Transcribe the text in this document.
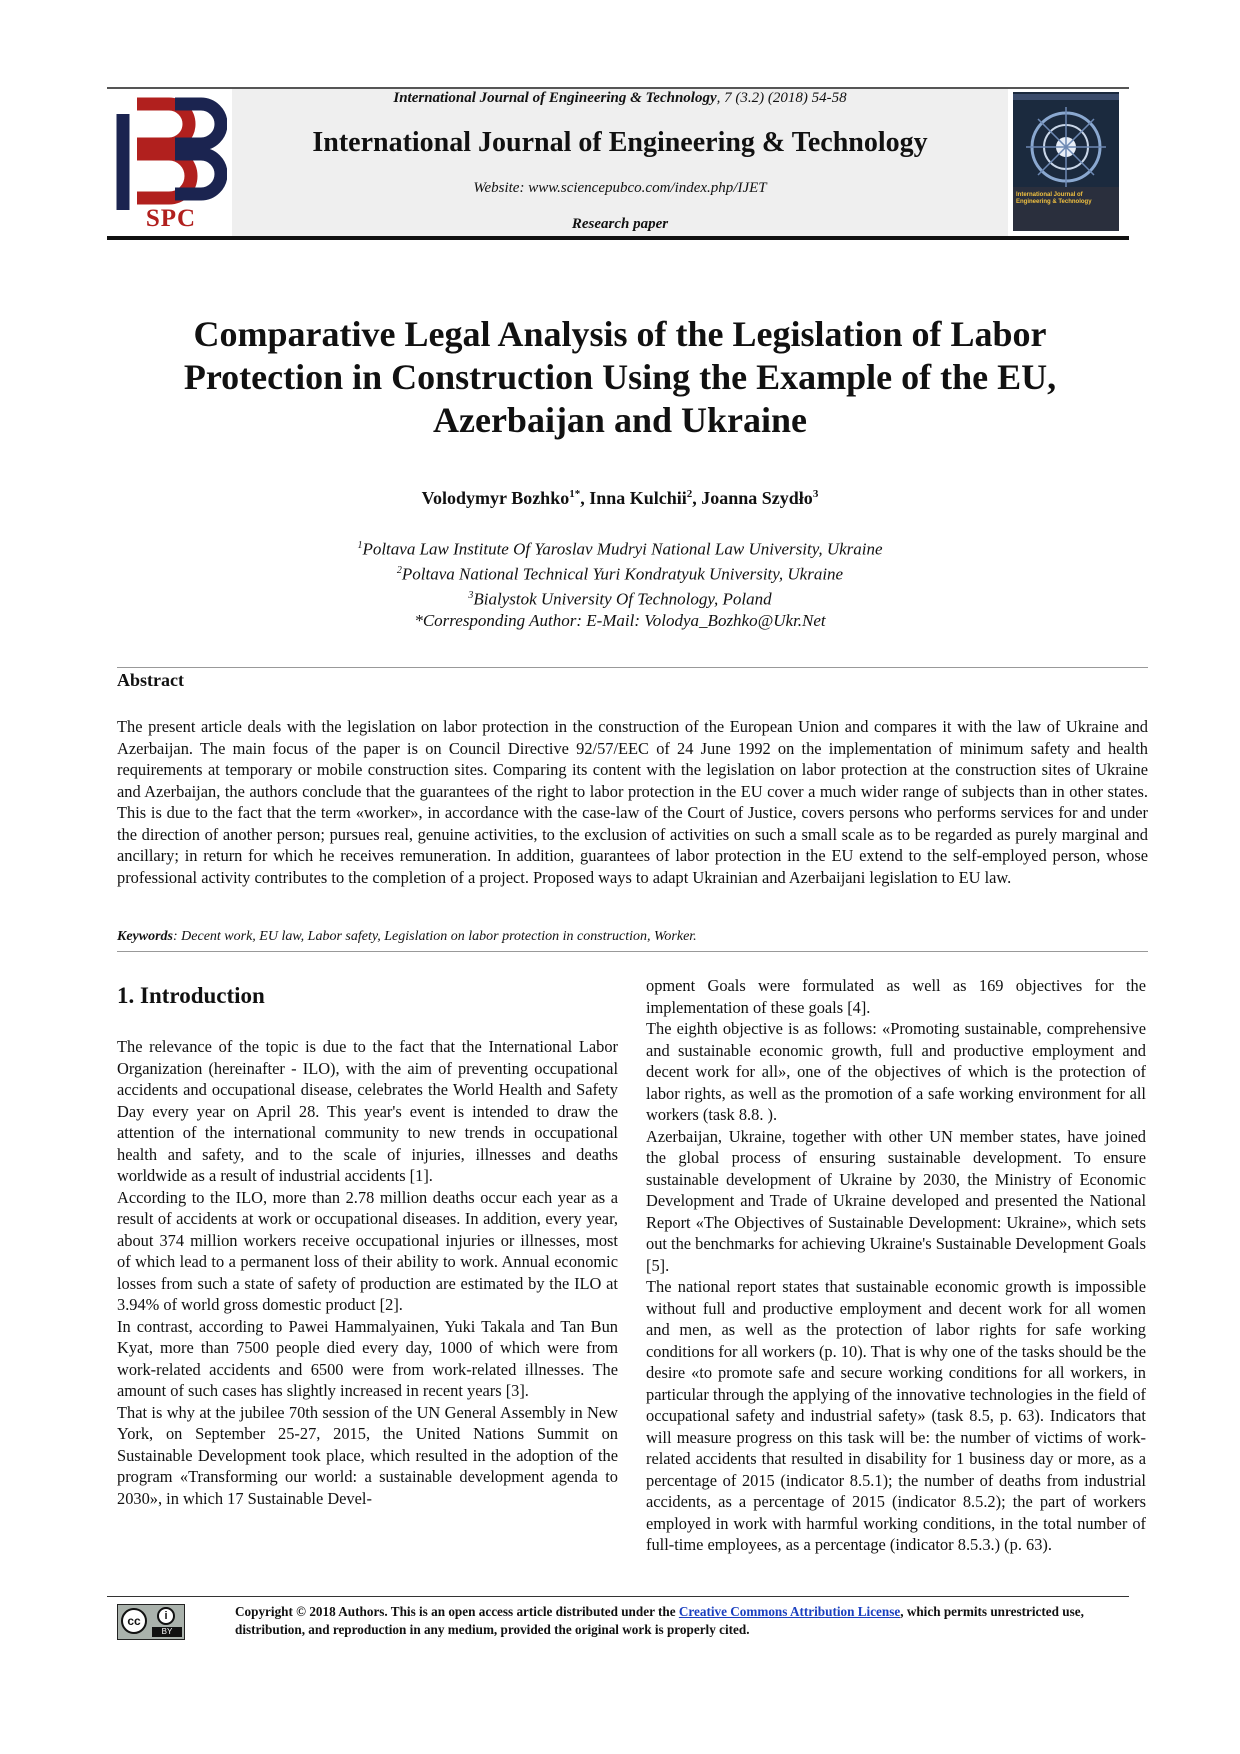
International Journal of Engineering & Technology, 7 (3.2) (2018) 54-58
International Journal of Engineering & Technology
Website: www.sciencepubco.com/index.php/IJET
Research paper
SPC
International Journal of Engineering & Technology
Comparative Legal Analysis of the Legislation of Labor
Protection in Construction Using the Example of the EU,
Azerbaijan and Ukraine
Volodymyr Bozhko$^{1*}$, Inna Kulchii$^2$, Joanna Szydło$^3$
$^1$Poltava Law Institute Of Yaroslav Mudryi National Law University, Ukraine
$^2$Poltava National Technical Yuri Kondratyuk University, Ukraine
$^3$Bialystok University Of Technology, Poland
*Corresponding Author: E-Mail: Volodya_Bozhko@Ukr.Net
Abstract
The present article deals with the legislation on labor protection in the construction of the European Union and compares it with the law of Ukraine and Azerbaijan. The main focus of the paper is on Council Directive 92/57/EEC of 24 June 1992 on the implementation of minimum safety and health requirements at temporary or mobile construction sites. Comparing its content with the legislation on labor protection at the construction sites of Ukraine and Azerbaijan, the authors conclude that the guarantees of the right to labor protection in the EU cover a much wider range of subjects than in other states. This is due to the fact that the term «worker», in accordance with the case-law of the Court of Justice, covers persons who performs services for and under the direction of another person; pursues real, genuine activities, to the exclusion of activities on such a small scale as to be regarded as purely marginal and ancillary; in return for which he receives remuneration. In addition, guarantees of labor protection in the EU extend to the self-employed person, whose professional activity contributes to the completion of a project. Proposed ways to adapt Ukrainian and Azerbaijani legislation to EU law.
Keywords: Decent work, EU law, Labor safety, Legislation on labor protection in construction, Worker.
1. Introduction

The relevance of the topic is due to the fact that the International Labor Organization (hereinafter - ILO), with the aim of preventing occupational accidents and occupational disease, celebrates the World Health and Safety Day every year on April 28. This year's event is intended to draw the attention of the international community to new trends in occupational health and safety, and to the scale of injuries, illnesses and deaths worldwide as a result of industrial accidents [1].

According to the ILO, more than 2.78 million deaths occur each year as a result of accidents at work or occupational diseases. In addition, every year, about 374 million workers receive occupational injuries or illnesses, most of which lead to a permanent loss of their ability to work. Annual economic losses from such a state of safety of production are estimated by the ILO at 3.94% of world gross domestic product [2].

In contrast, according to Pawei Hammalyainen, Yuki Takala and Tan Bun Kyat, more than 7500 people died every day, 1000 of which were from work-related accidents and 6500 were from work-related illnesses. The amount of such cases has slightly increased in recent years [3].

That is why at the jubilee 70th session of the UN General Assembly in New York, on September 25-27, 2015, the United Nations Summit on Sustainable Development took place, which resulted in the adoption of the program «Transforming our world: a sustainable development agenda to 2030», in which 17 Sustainable Devel-

opment Goals were formulated as well as 169 objectives for the implementation of these goals [4].

The eighth objective is as follows: «Promoting sustainable, comprehensive and sustainable economic growth, full and productive employment and decent work for all», one of the objectives of which is the protection of labor rights, as well as the promotion of a safe working environment for all workers (task 8.8. ).

Azerbaijan, Ukraine, together with other UN member states, have joined the global process of ensuring sustainable development. To ensure sustainable development of Ukraine by 2030, the Ministry of Economic Development and Trade of Ukraine developed and presented the National Report «The Objectives of Sustainable Development: Ukraine», which sets out the benchmarks for achieving Ukraine's Sustainable Development Goals [5].

The national report states that sustainable economic growth is impossible without full and productive employment and decent work for all women and men, as well as the protection of labor rights for safe working conditions for all workers (p. 10). That is why one of the tasks should be the desire «to promote safe and secure working conditions for all workers, in particular through the applying of the innovative technologies in the field of occupational safety and industrial safety» (task 8.5, p. 63). Indicators that will measure progress on this task will be: the number of victims of work-related accidents that resulted in disability for 1 business day or more, as a percentage of 2015 (indicator 8.5.1); the number of deaths from industrial accidents, as a percentage of 2015 (indicator 8.5.2); the part of workers employed in work with harmful working conditions, in the total number of full-time employees, as a percentage (indicator 8.5.3.) (p. 63).

cc	i
BY
Copyright © 2018 Authors. This is an open access article distributed under the Creative Commons Attribution License, which permits unrestricted use, distribution, and reproduction in any medium, provided the original work is properly cited.
